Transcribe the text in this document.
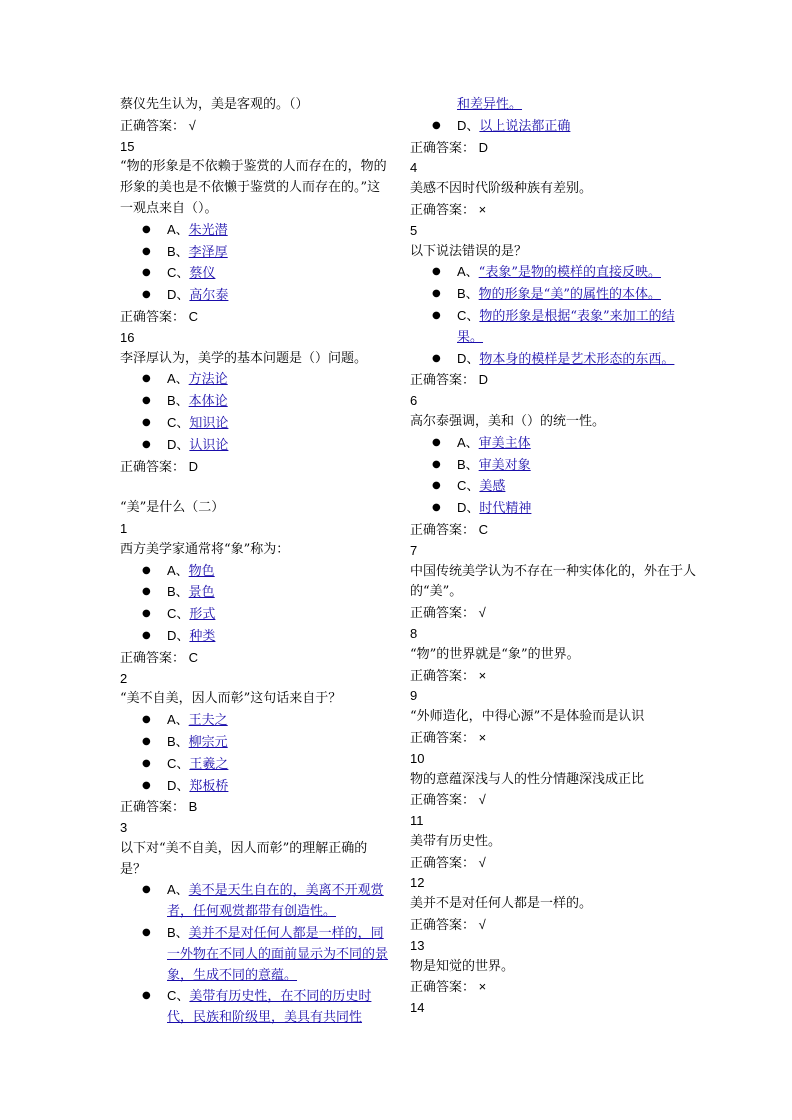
蔡仪先生认为，美是客观的。（）
正确答案： √
15
“物的形象是不依赖于鉴赏的人而存在的，物的形象的美也是不依懒于鉴赏的人而存在的。”这一观点来自（）。
● A、朱光潜
● B、李泽厚
● C、蔡仪
● D、高尔泰
正确答案： C
16
李泽厚认为，美学的基本问题是（）问题。
● A、方法论
● B、本体论
● C、知识论
● D、认识论
正确答案： D
“美”是什么（二）
1
西方美学家通常将“象”称为：
● A、物色
● B、景色
● C、形式
● D、种类
正确答案： C
2
“美不自美，因人而彰”这句话来自于？
● A、王夫之
● B、柳宗元
● C、王羲之
● D、郑板桥
正确答案： B
3
以下对“美不自美，因人而彰”的理解正确的是？
● A、美不是天生自在的，美离不开观赏者，任何观赏都带有创造性。
● B、美并不是对任何人都是一样的，同一外物在不同人的面前显示为不同的景象，生成不同的意蕴。
● C、美带有历史性，在不同的历史时代，民族和阶级里，美具有共同性
和差异性。
● D、以上说法都正确
正确答案： D
4
美感不因时代阶级种族有差别。
正确答案： ×
5
以下说法错误的是？
● A、“表象”是物的模样的直接反映。
● B、物的形象是“美”的属性的本体。
● C、物的形象是根据“表象”来加工的结果。
● D、物本身的模样是艺术形态的东西。
正确答案： D
6
高尔泰强调，美和（）的统一性。
● A、审美主体
● B、审美对象
● C、美感
● D、时代精神
正确答案： C
7
中国传统美学认为不存在一种实体化的，外在于人的“美”。
正确答案： √
8
“物”的世界就是“象”的世界。
正确答案： ×
9
“外师造化，中得心源”不是体验而是认识
正确答案： ×
10
物的意蕴深浅与人的性分情趣深浅成正比
正确答案： √
11
美带有历史性。
正确答案： √
12
美并不是对任何人都是一样的。
正确答案： √
13
物是知觉的世界。
正确答案： ×
14
